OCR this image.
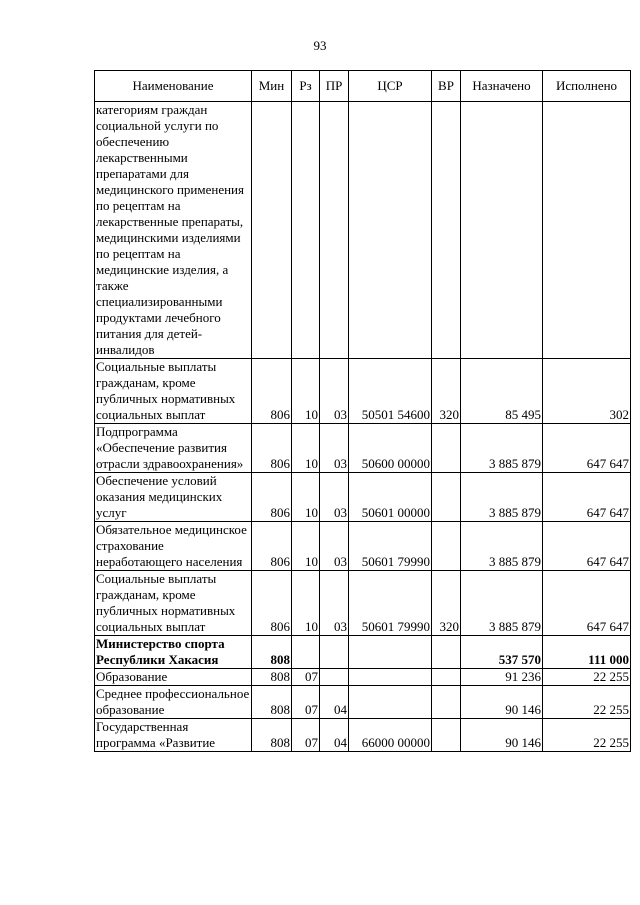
93
Наименование	Мин	Рз	ПР	ЦСР	ВР	Назначено	Исполнено
категориям граждан социальной услуги по обеспечению лекарственными препаратами для медицинского применения по рецептам на лекарственные препараты, медицинскими изделиями по рецептам на медицинские изделия, а также специализированными продуктами лечебного питания для детей-инвалидов							
Социальные выплаты гражданам, кроме публичных нормативных социальных выплат	806	10	03	50501 54600	320	85 495	302
Подпрограмма «Обеспечение развития отрасли здравоохранения»	806	10	03	50600 00000		3 885 879	647 647
Обеспечение условий оказания медицинских услуг	806	10	03	50601 00000		3 885 879	647 647
Обязательное медицинское страхование неработающего населения	806	10	03	50601 79990		3 885 879	647 647
Социальные выплаты гражданам, кроме публичных нормативных социальных выплат	806	10	03	50601 79990	320	3 885 879	647 647
Министерство спорта Республики Хакасия	808					537 570	111 000
Образование	808	07				91 236	22 255
Среднее профессиональное образование	808	07	04			90 146	22 255
Государственная программа «Развитие	808	07	04	66000 00000		90 146	22 255
